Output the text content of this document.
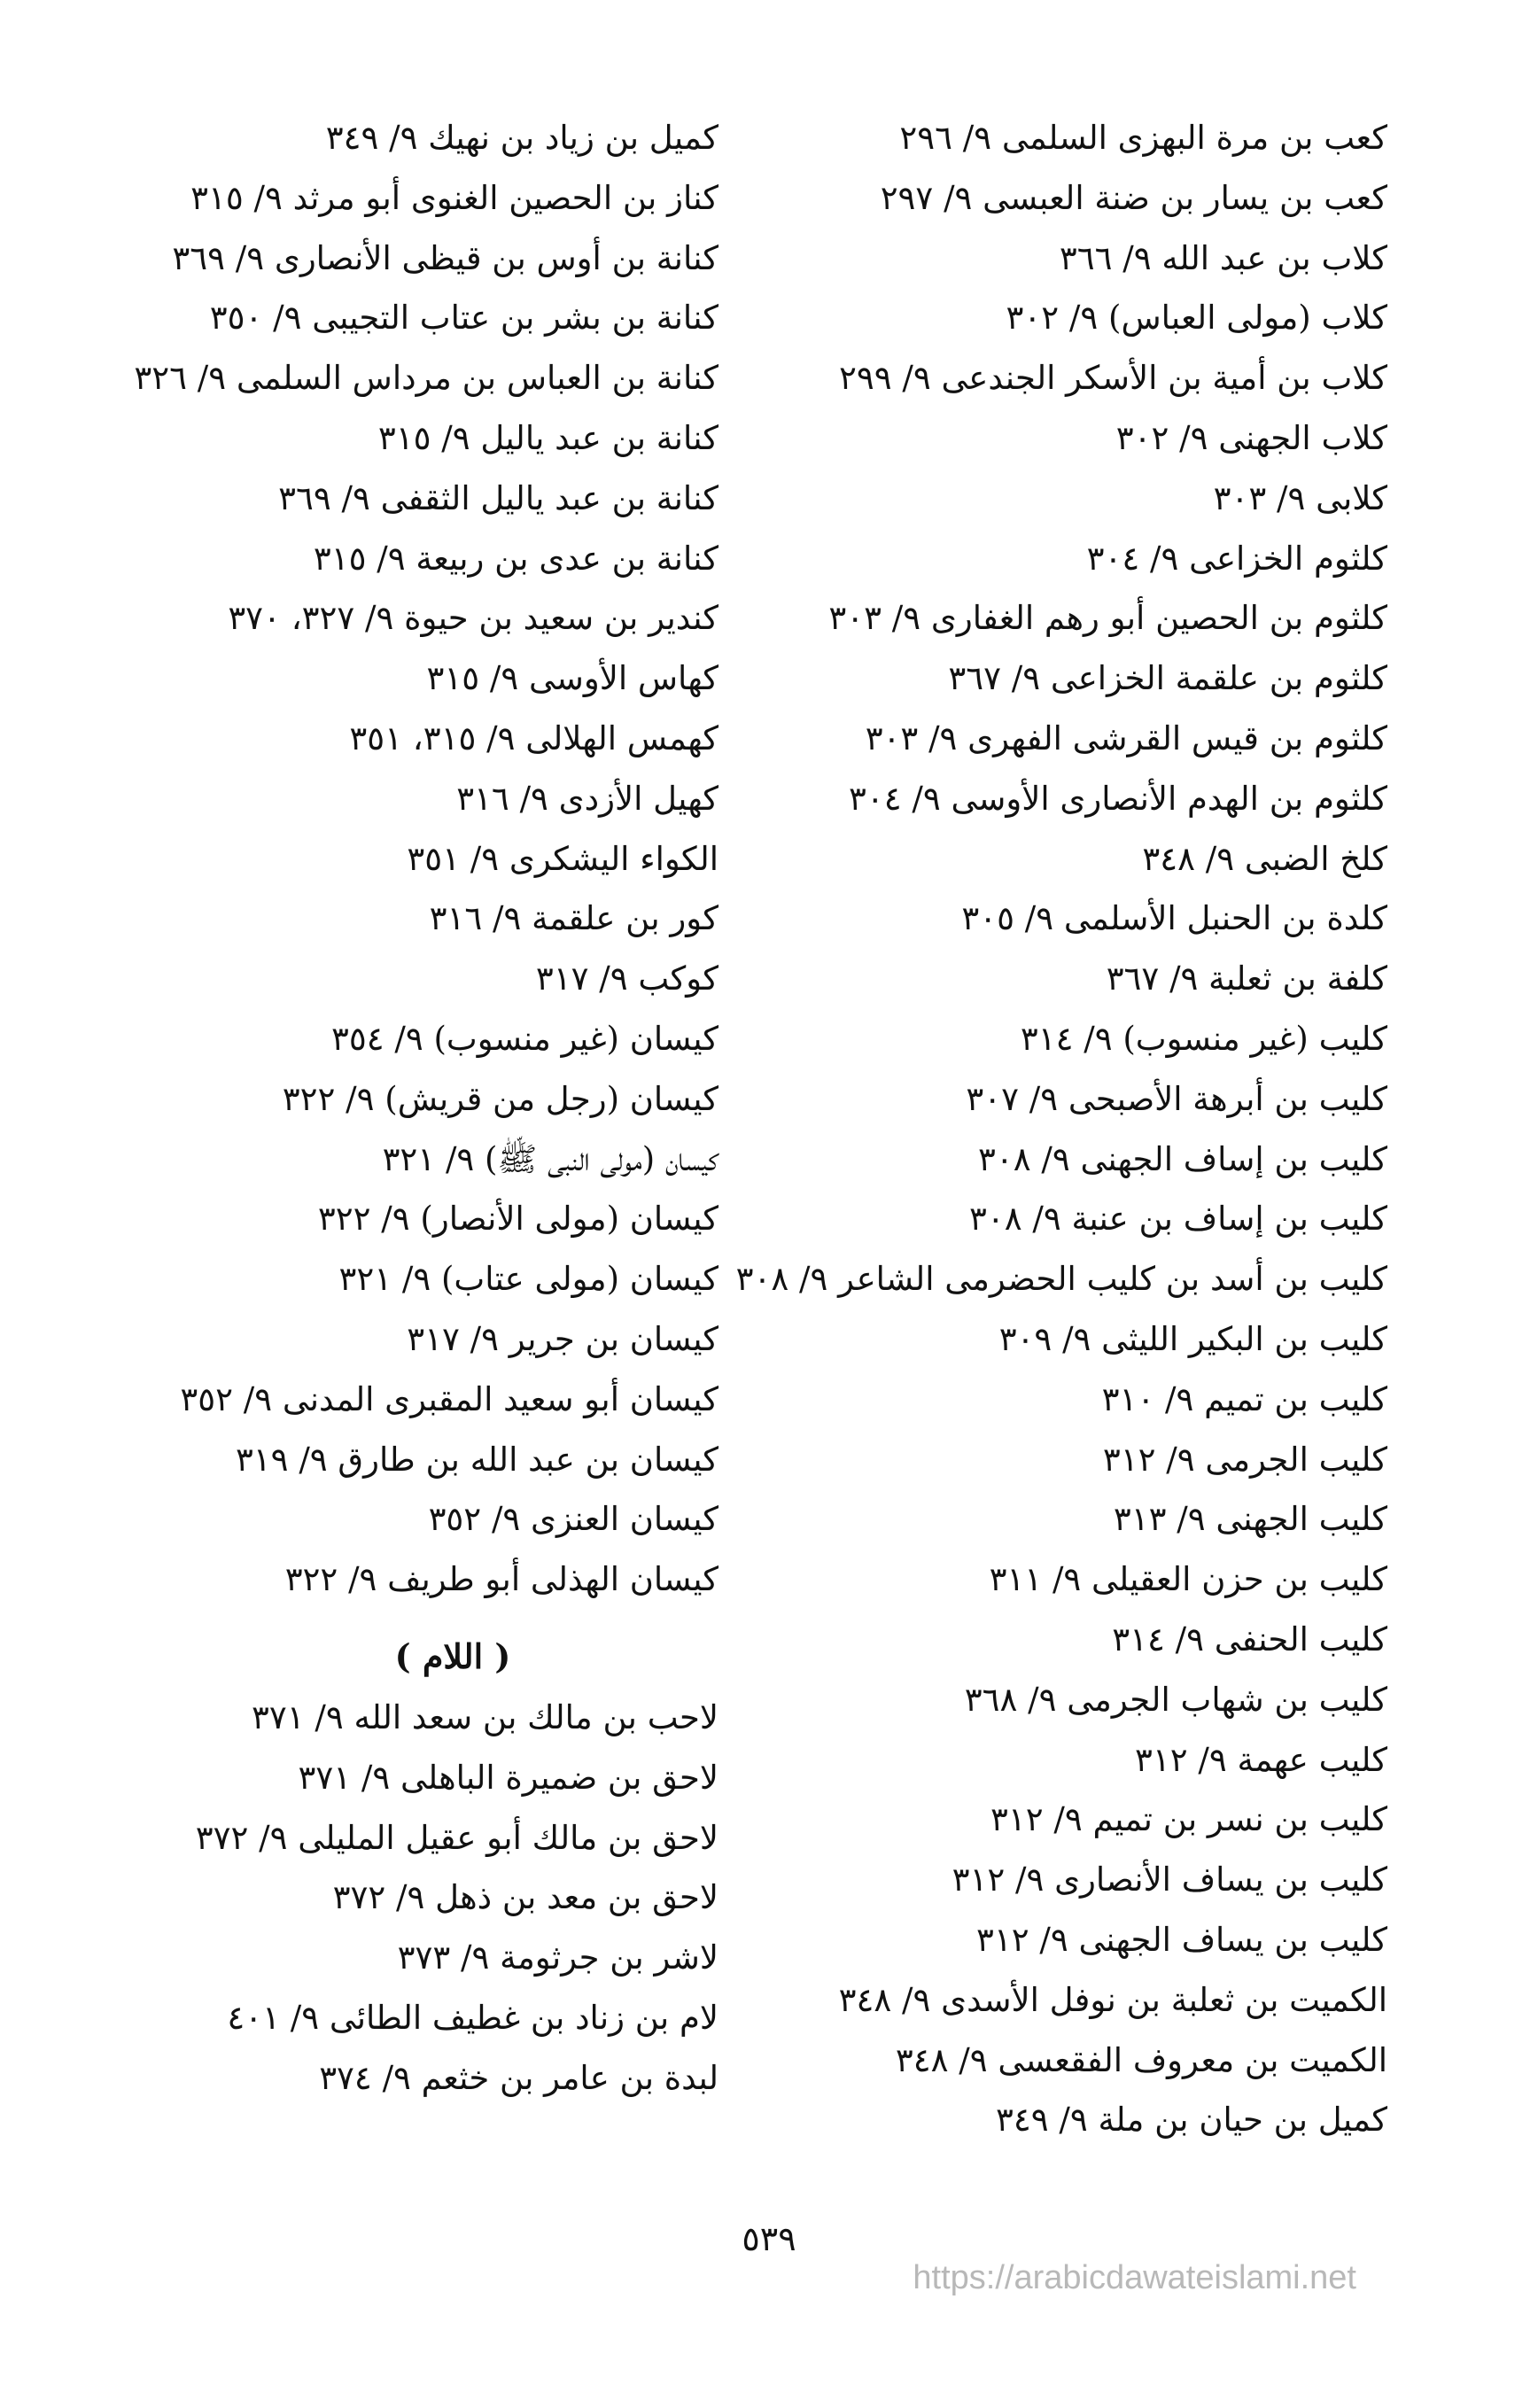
كعب بن مرة البهزى السلمى ٩/ ٢٩٦
كعب بن يسار بن ضنة العبسى ٩/ ٢٩٧
كلاب بن عبد الله ٩/ ٣٦٦
كلاب (مولى العباس) ٩/ ٣٠٢
كلاب بن أمية بن الأسكر الجندعى ٩/ ٢٩٩
كلاب الجهنى ٩/ ٣٠٢
كلابى ٩/ ٣٠٣
كلثوم الخزاعى ٩/ ٣٠٤
كلثوم بن الحصين أبو رهم الغفارى ٩/ ٣٠٣
كلثوم بن علقمة الخزاعى ٩/ ٣٦٧
كلثوم بن قيس القرشى الفهرى ٩/ ٣٠٣
كلثوم بن الهدم الأنصارى الأوسى ٩/ ٣٠٤
كلخ الضبى ٩/ ٣٤٨
كلدة بن الحنبل الأسلمى ٩/ ٣٠٥
كلفة بن ثعلبة ٩/ ٣٦٧
كليب (غير منسوب) ٩/ ٣١٤
كليب بن أبرهة الأصبحى ٩/ ٣٠٧
كليب بن إساف الجهنى ٩/ ٣٠٨
كليب بن إساف بن عنبة ٩/ ٣٠٨
كليب بن أسد بن كليب الحضرمى الشاعر ٩/ ٣٠٨
كليب بن البكير الليثى ٩/ ٣٠٩
كليب بن تميم ٩/ ٣١٠
كليب الجرمى ٩/ ٣١٢
كليب الجهنى ٩/ ٣١٣
كليب بن حزن العقيلى ٩/ ٣١١
كليب الحنفى ٩/ ٣١٤
كليب بن شهاب الجرمى ٩/ ٣٦٨
كليب عهمة ٩/ ٣١٢
كليب بن نسر بن تميم ٩/ ٣١٢
كليب بن يساف الأنصارى ٩/ ٣١٢
كليب بن يساف الجهنى ٩/ ٣١٢
الكميت بن ثعلبة بن نوفل الأسدى ٩/ ٣٤٨
الكميت بن معروف الفقعسى ٩/ ٣٤٨
كميل بن حيان بن ملة ٩/ ٣٤٩
كميل بن زياد بن نهيك ٩/ ٣٤٩
كناز بن الحصين الغنوى أبو مرثد ٩/ ٣١٥
كنانة بن أوس بن قيظى الأنصارى ٩/ ٣٦٩
كنانة بن بشر بن عتاب التجيبى ٩/ ٣٥٠
كنانة بن العباس بن مرداس السلمى ٩/ ٣٢٦
كنانة بن عبد ياليل ٩/ ٣١٥
كنانة بن عبد ياليل الثقفى ٩/ ٣٦٩
كنانة بن عدى بن ربيعة ٩/ ٣١٥
كندير بن سعيد بن حيوة ٩/ ٣٢٧، ٣٧٠
كهاس الأوسى ٩/ ٣١٥
كهمس الهلالى ٩/ ٣١٥، ٣٥١
كهيل الأزدى ٩/ ٣١٦
الكواء اليشكرى ٩/ ٣٥١
كور بن علقمة ٩/ ٣١٦
كوكب ٩/ ٣١٧
كيسان (غير منسوب) ٩/ ٣٥٤
كيسان (رجل من قريش) ٩/ ٣٢٢
كيسان (مولى النبى ﷺ) ٩/ ٣٢١
كيسان (مولى الأنصار) ٩/ ٣٢٢
كيسان (مولى عتاب) ٩/ ٣٢١
كيسان بن جرير ٩/ ٣١٧
كيسان أبو سعيد المقبرى المدنى ٩/ ٣٥٢
كيسان بن عبد الله بن طارق ٩/ ٣١٩
كيسان العنزى ٩/ ٣٥٢
كيسان الهذلى أبو طريف ٩/ ٣٢٢
( اللام )
لاحب بن مالك بن سعد الله ٩/ ٣٧١
لاحق بن ضميرة الباهلى ٩/ ٣٧١
لاحق بن مالك أبو عقيل المليلى ٩/ ٣٧٢
لاحق بن معد بن ذهل ٩/ ٣٧٢
لاشر بن جرثومة ٩/ ٣٧٣
لام بن زناد بن غطيف الطائى ٩/ ٤٠١
لبدة بن عامر بن خثعم ٩/ ٣٧٤
٥٣٩
https://arabicdawateislami.net
